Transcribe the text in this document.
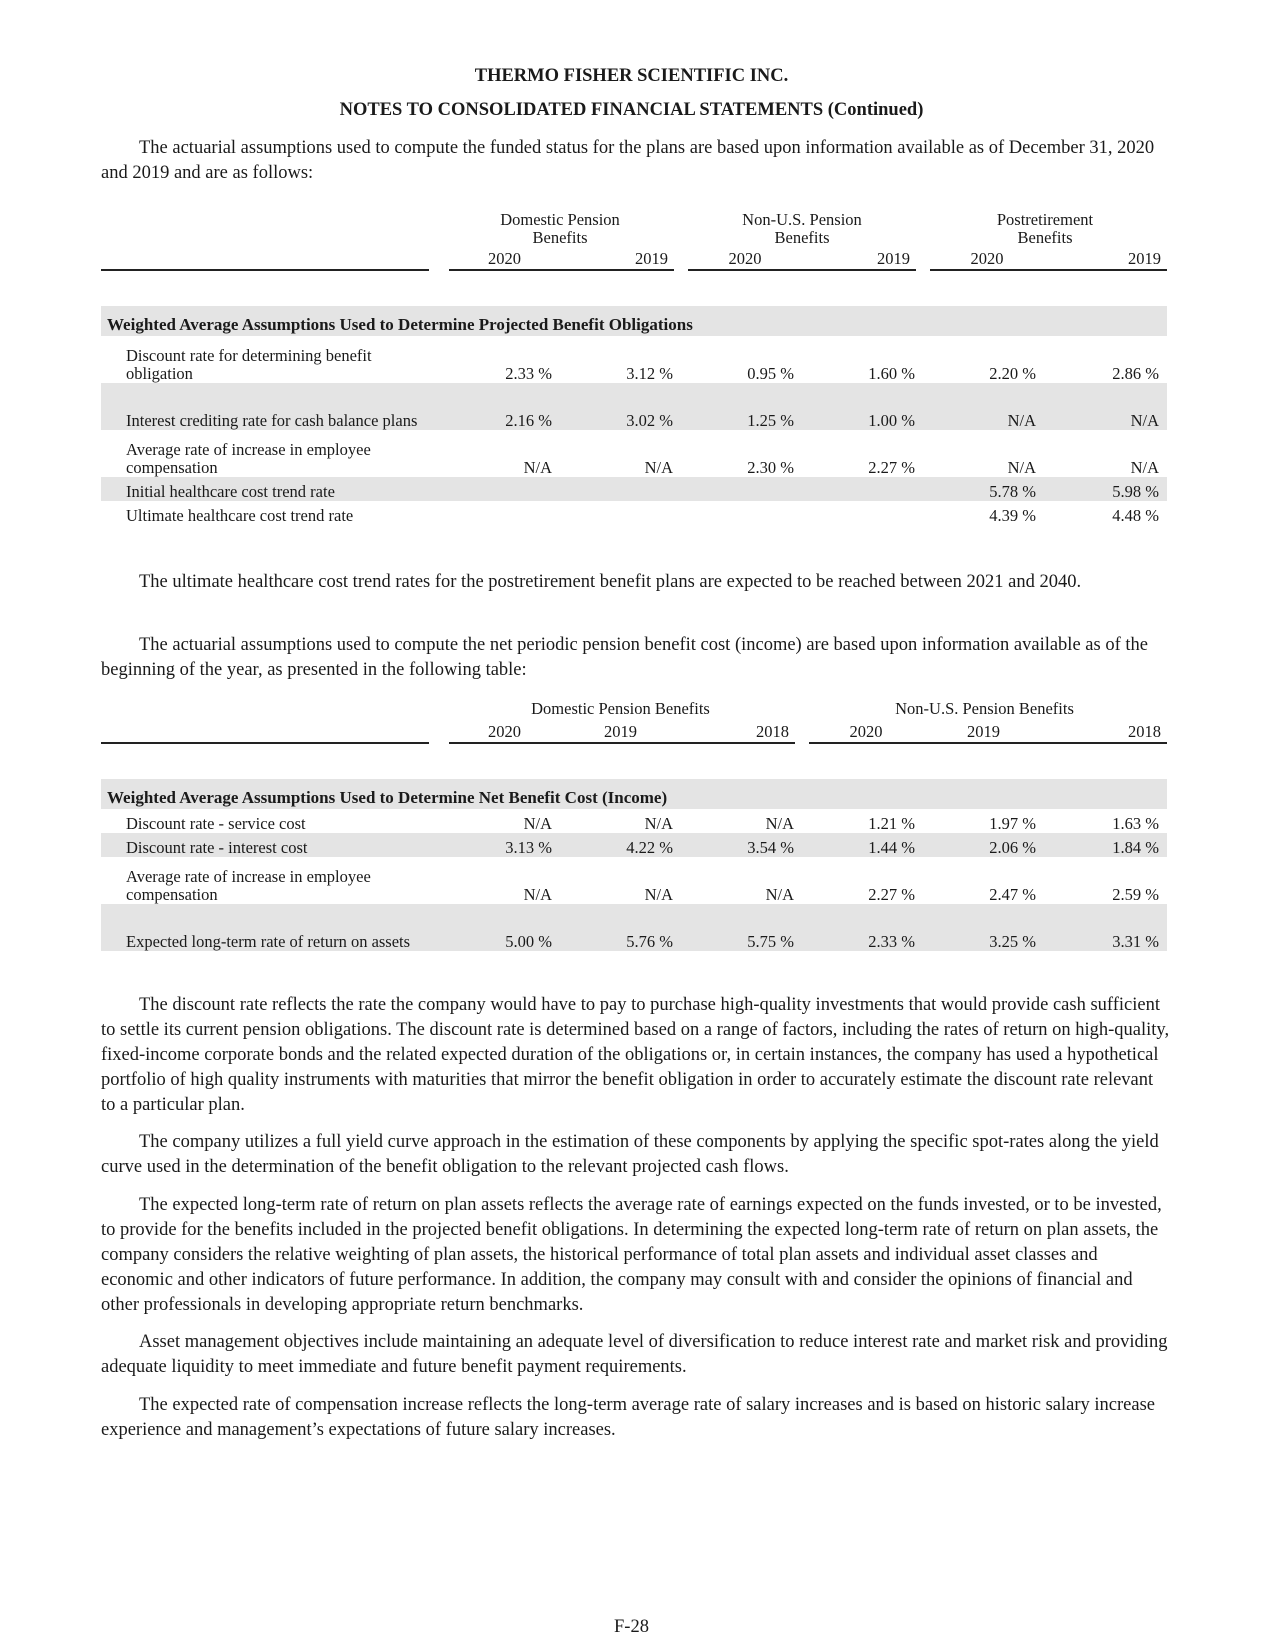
THERMO FISHER SCIENTIFIC INC.
NOTES TO CONSOLIDATED FINANCIAL STATEMENTS (Continued)

The actuarial assumptions used to compute the funded status for the plans are based upon information available as of December 31, 2020 and 2019 and are as follows:

	Domestic Pension Benefits		Non-U.S. Pension Benefits		Postretirement Benefits	

	2020	2019	2020	2019	2020	2019

Weighted Average Assumptions Used to Determine Projected Benefit Obligations						
Discount rate for determining benefit obligation	2.33 %	3.12 %	0.95 %	1.60 %	2.20 %	2.86 %
Interest crediting rate for cash balance plans	2.16 %	3.02 %	1.25 %	1.00 %	N/A	N/A
Average rate of increase in employee compensation	N/A	N/A	2.30 %	2.27 %	N/A	N/A
Initial healthcare cost trend rate					5.78 %	5.98 %
Ultimate healthcare cost trend rate					4.39 %	4.48 %

The ultimate healthcare cost trend rates for the postretirement benefit plans are expected to be reached between 2021 and 2040.

The actuarial assumptions used to compute the net periodic pension benefit cost (income) are based upon information available as of the beginning of the year, as presented in the following table:

	Domestic Pension Benefits			Non-U.S. Pension Benefits		
	2020	2019	2018	2020	2019	2018

Weighted Average Assumptions Used to Determine Net Benefit Cost (Income)						
Discount rate - service cost	N/A	N/A	N/A	1.21 %	1.97 %	1.63 %
Discount rate - interest cost	3.13 %	4.22 %	3.54 %	1.44 %	2.06 %	1.84 %
Average rate of increase in employee compensation	N/A	N/A	N/A	2.27 %	2.47 %	2.59 %
Expected long-term rate of return on assets	5.00 %	5.76 %	5.75 %	2.33 %	3.25 %	3.31 %

The discount rate reflects the rate the company would have to pay to purchase high-quality investments that would provide cash sufficient to settle its current pension obligations. The discount rate is determined based on a range of factors, including the rates of return on high-quality, fixed-income corporate bonds and the related expected duration of the obligations or, in certain instances, the company has used a hypothetical portfolio of high quality instruments with maturities that mirror the benefit obligation in order to accurately estimate the discount rate relevant to a particular plan.

The company utilizes a full yield curve approach in the estimation of these components by applying the specific spot-rates along the yield curve used in the determination of the benefit obligation to the relevant projected cash flows.

The expected long-term rate of return on plan assets reflects the average rate of earnings expected on the funds invested, or to be invested, to provide for the benefits included in the projected benefit obligations. In determining the expected long-term rate of return on plan assets, the company considers the relative weighting of plan assets, the historical performance of total plan assets and individual asset classes and economic and other indicators of future performance. In addition, the company may consult with and consider the opinions of financial and other professionals in developing appropriate return benchmarks.

Asset management objectives include maintaining an adequate level of diversification to reduce interest rate and market risk and providing adequate liquidity to meet immediate and future benefit payment requirements.

The expected rate of compensation increase reflects the long-term average rate of salary increases and is based on historic salary increase experience and management’s expectations of future salary increases.

F-28
